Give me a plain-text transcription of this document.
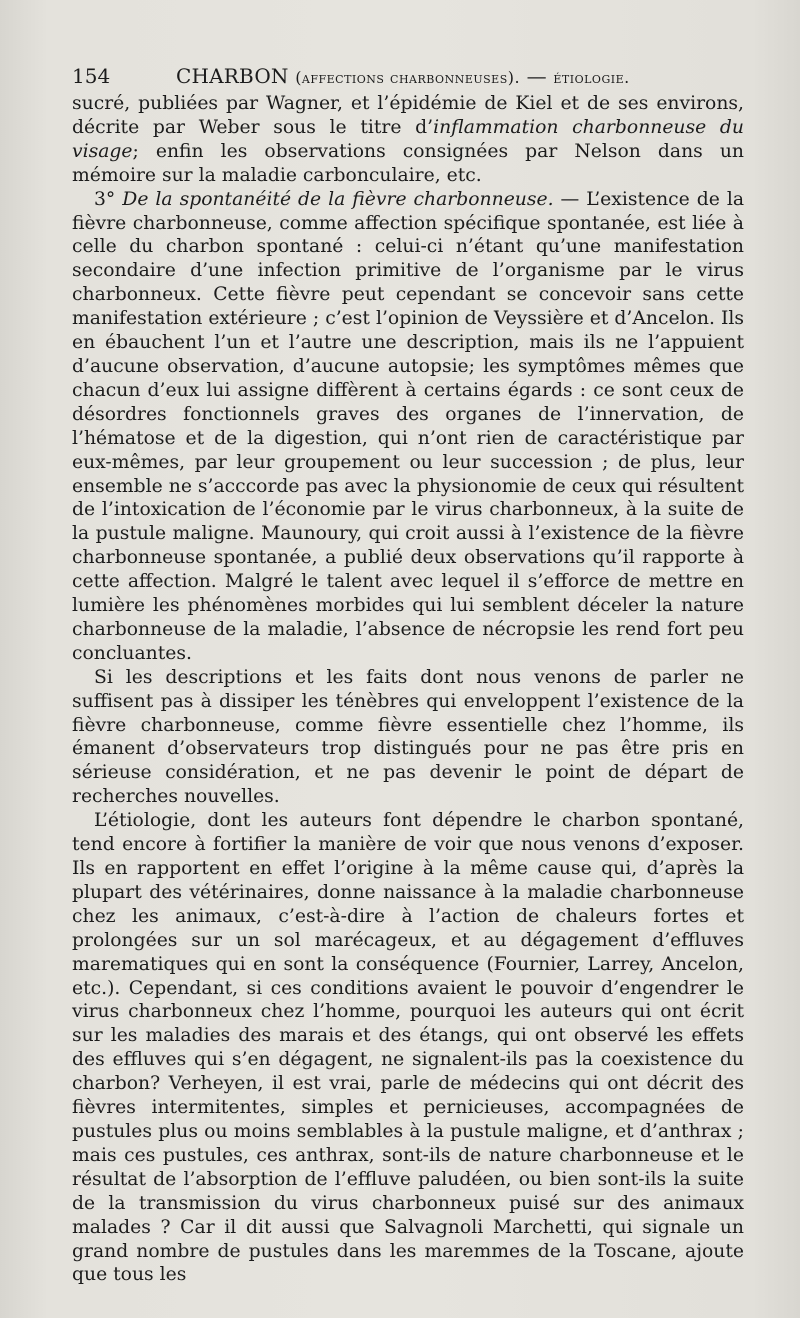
154	CHARBON (affections charbonneuses). — étiologie.

sucré, publiées par Wagner, et l’épidémie de Kiel et de ses environs, décrite par Weber sous le titre d’inflammation charbonneuse du visage; enfin les observations consignées par Nelson dans un mémoire sur la maladie carbonculaire, etc.

3° De la spontanéité de la fièvre charbonneuse. — L’existence de la fièvre charbonneuse, comme affection spécifique spontanée, est liée à celle du charbon spontané : celui-ci n’étant qu’une manifestation secondaire d’une infection primitive de l’organisme par le virus charbonneux. Cette fièvre peut cependant se concevoir sans cette manifestation extérieure ; c’est l’opinion de Veyssière et d’Ancelon. Ils en ébauchent l’un et l’autre une description, mais ils ne l’appuient d’aucune observation, d’aucune autopsie; les symptômes mêmes que chacun d’eux lui assigne diffèrent à certains égards : ce sont ceux de désordres fonctionnels graves des organes de l’innervation, de l’hématose et de la digestion, qui n’ont rien de caractéristique par eux-mêmes, par leur groupement ou leur succession ; de plus, leur ensemble ne s’acccorde pas avec la physionomie de ceux qui résultent de l’intoxication de l’économie par le virus charbonneux, à la suite de la pustule maligne. Maunoury, qui croit aussi à l’existence de la fièvre charbonneuse spontanée, a publié deux observations qu’il rapporte à cette affection. Malgré le talent avec lequel il s’efforce de mettre en lumière les phénomènes morbides qui lui semblent déceler la nature charbonneuse de la maladie, l’absence de nécropsie les rend fort peu concluantes.

Si les descriptions et les faits dont nous venons de parler ne suffisent pas à dissiper les ténèbres qui enveloppent l’existence de la fièvre charbonneuse, comme fièvre essentielle chez l’homme, ils émanent d’observateurs trop distingués pour ne pas être pris en sérieuse considération, et ne pas devenir le point de départ de recherches nouvelles.

L’étiologie, dont les auteurs font dépendre le charbon spontané, tend encore à fortifier la manière de voir que nous venons d’exposer. Ils en rapportent en effet l’origine à la même cause qui, d’après la plupart des vétérinaires, donne naissance à la maladie charbonneuse chez les animaux, c’est-à-dire à l’action de chaleurs fortes et prolongées sur un sol marécageux, et au dégagement d’effluves marematiques qui en sont la conséquence (Fournier, Larrey, Ancelon, etc.). Cependant, si ces conditions avaient le pouvoir d’engendrer le virus charbonneux chez l’homme, pourquoi les auteurs qui ont écrit sur les maladies des marais et des étangs, qui ont observé les effets des effluves qui s’en dégagent, ne signalent-ils pas la coexistence du charbon? Verheyen, il est vrai, parle de médecins qui ont décrit des fièvres intermitentes, simples et pernicieuses, accompagnées de pustules plus ou moins semblables à la pustule maligne, et d’anthrax ; mais ces pustules, ces anthrax, sont-ils de nature charbonneuse et le résultat de l’absorption de l’effluve paludéen, ou bien sont-ils la suite de la transmission du virus charbonneux puisé sur des animaux malades ? Car il dit aussi que Salvagnoli Marchetti, qui signale un grand nombre de pustules dans les maremmes de la Toscane, ajoute que tous les
